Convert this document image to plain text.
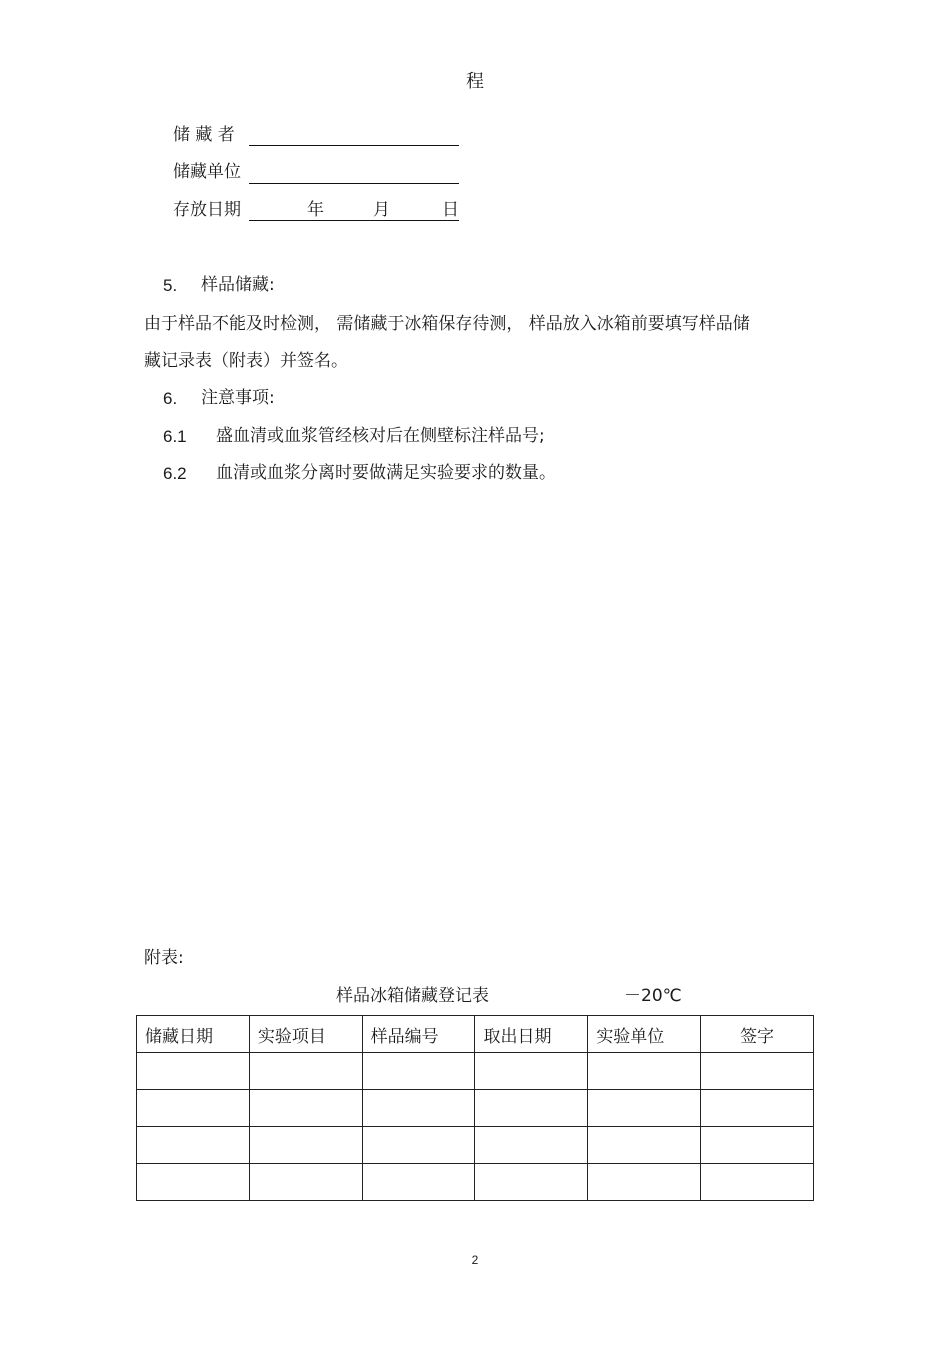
程
储 藏 者
储藏单位
存放日期	年	月	日
5. 样品储藏:
由于样品不能及时检测， 需储藏于冰箱保存待测， 样品放入冰箱前要填写样品储
藏记录表（附表）并签名。
6. 注意事项:
6.1 盛血清或血浆管经核对后在侧壁标注样品号;
6.2 血清或血浆分离时要做满足实验要求的数量。
附表:
样品冰箱储藏登记表	－20℃
储藏日期	实验项目	样品编号	取出日期	实验单位	签字

2
